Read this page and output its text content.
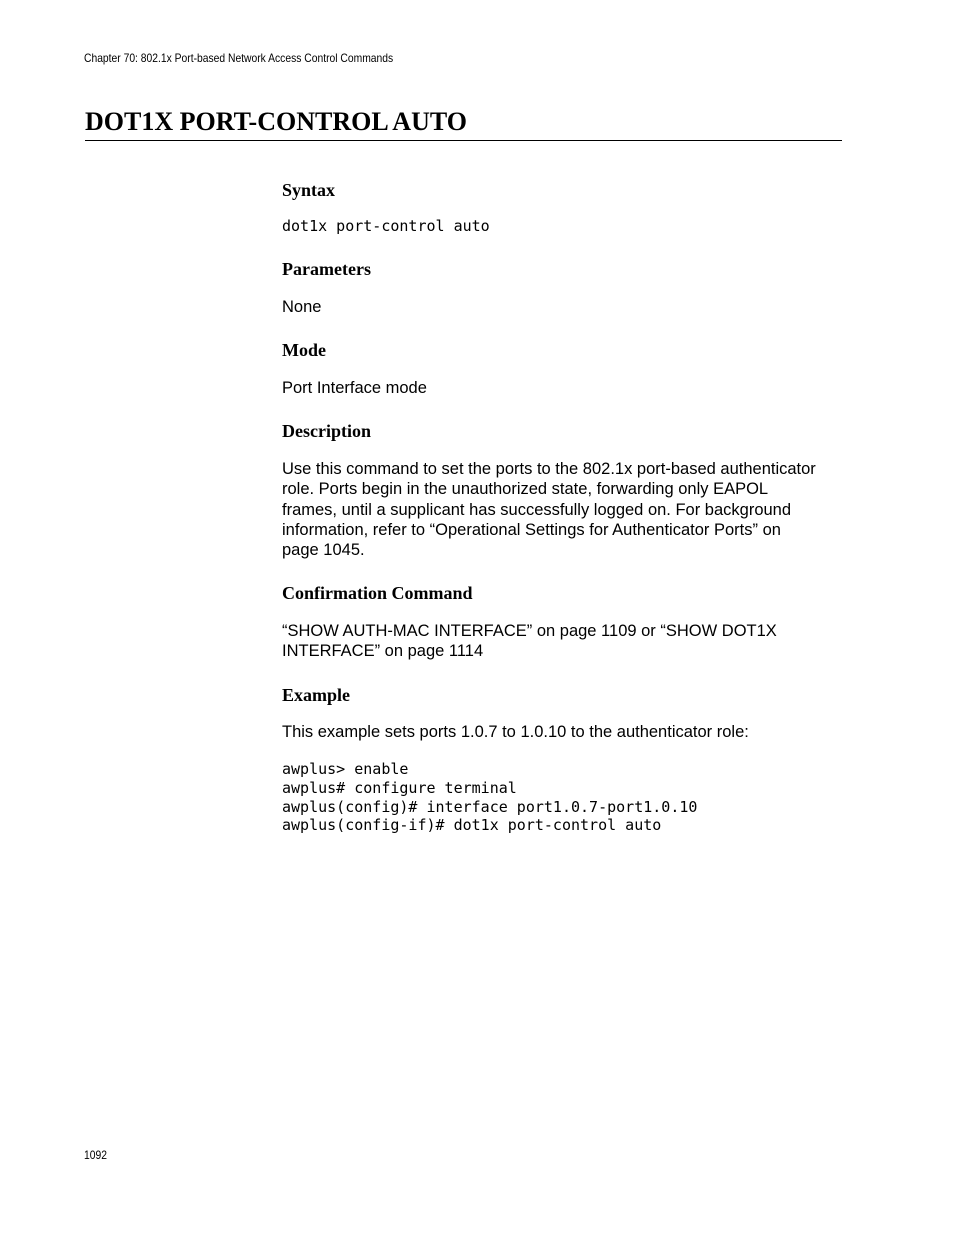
Chapter 70: 802.1x Port-based Network Access Control Commands
DOT1X PORT-CONTROL AUTO
Syntax
dot1x port-control auto
Parameters

None

Mode

Port Interface mode

Description
Use this command to set the ports to the 802.1x port-based authenticator
role. Ports begin in the unauthorized state, forwarding only EAPOL
frames, until a supplicant has successfully logged on. For background
information, refer to “Operational Settings for Authenticator Ports” on
page 1045.
Confirmation Command
“SHOW AUTH-MAC INTERFACE” on page 1109 or “SHOW DOT1X
INTERFACE” on page 1114
Example

This example sets ports 1.0.7 to 1.0.10 to the authenticator role:

awplus> enable
awplus# configure terminal
awplus(config)# interface port1.0.7-port1.0.10
awplus(config-if)# dot1x port-control auto
1092
